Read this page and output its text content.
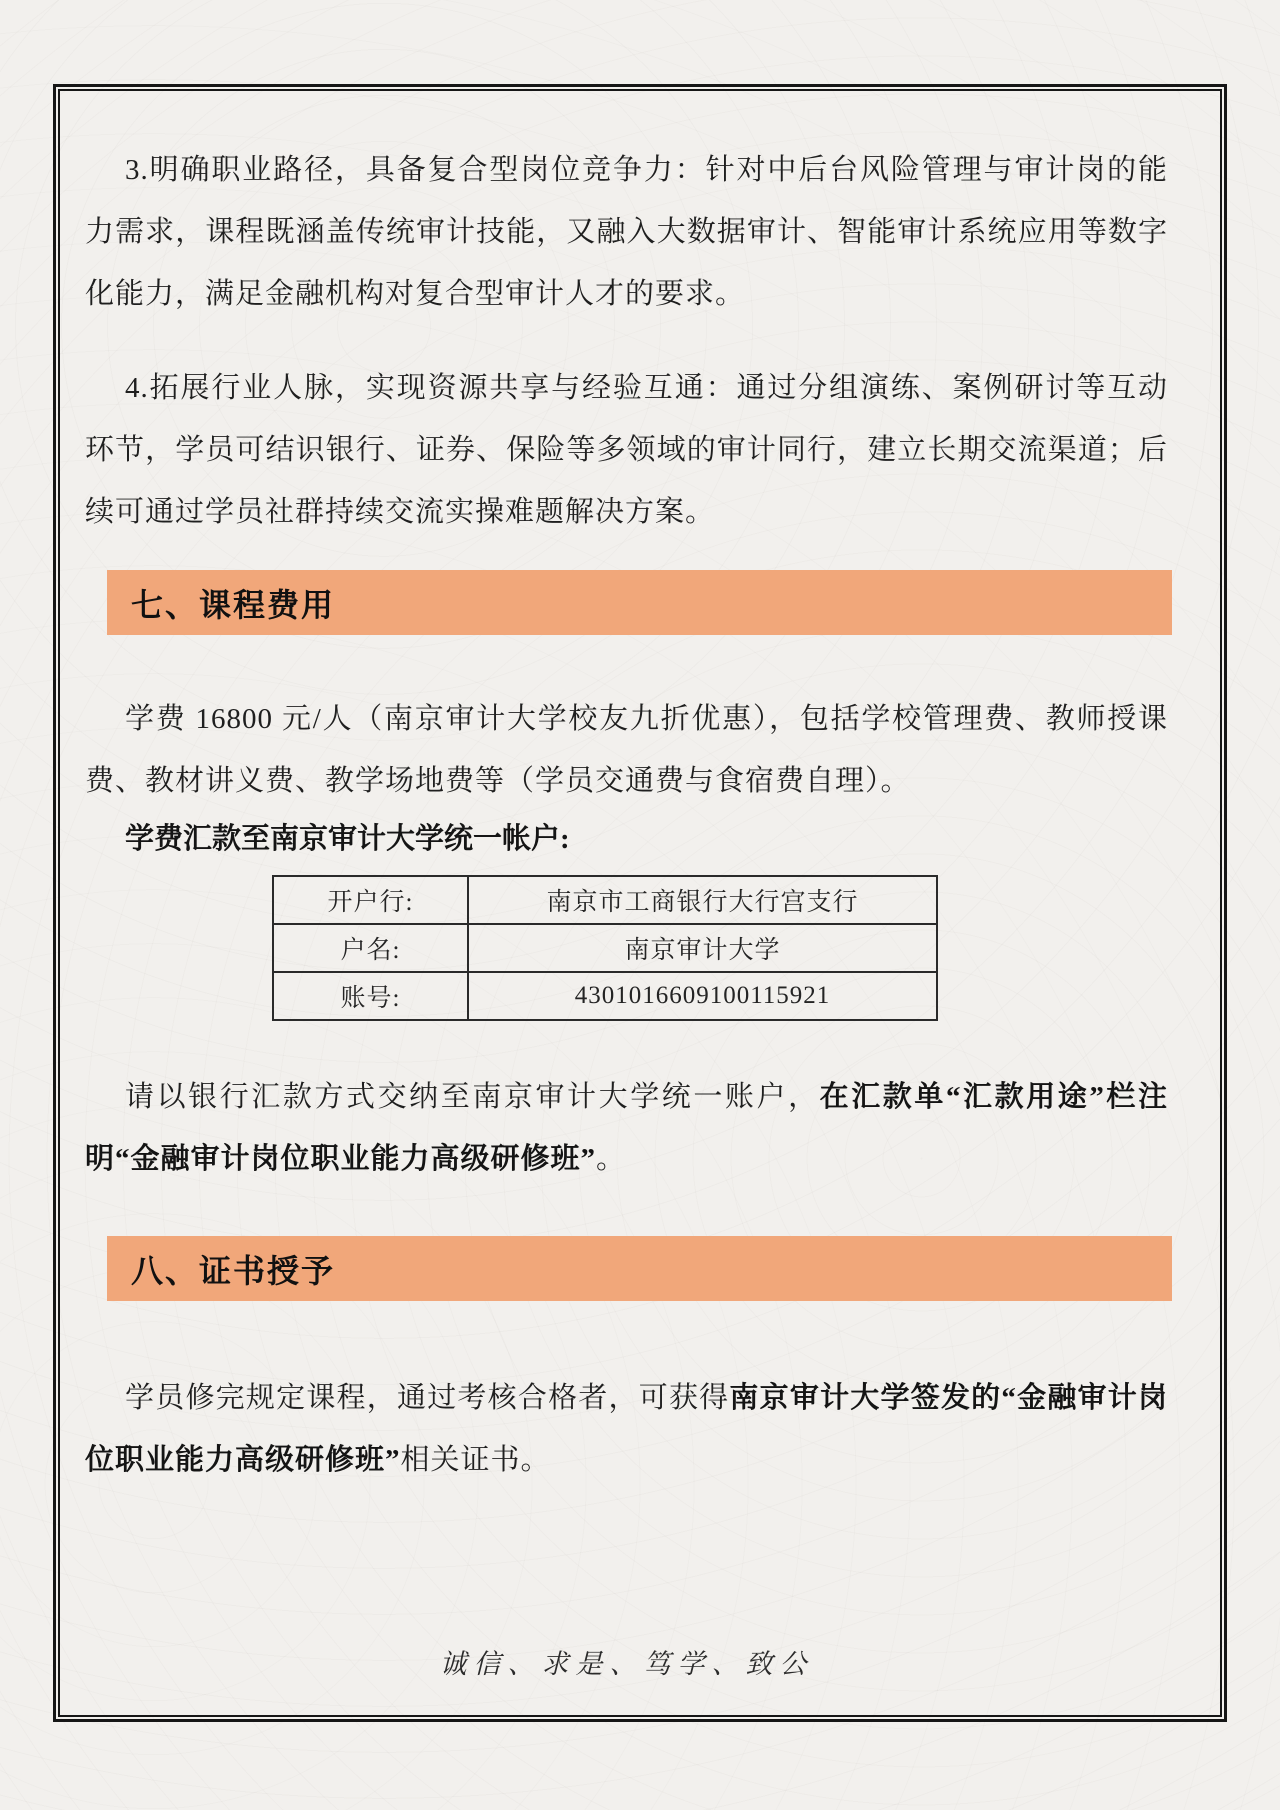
3.明确职业路径，具备复合型岗位竞争力：针对中后台风险管理与审计岗的能力需求，课程既涵盖传统审计技能，又融入大数据审计、智能审计系统应用等数字化能力，满足金融机构对复合型审计人才的要求。

4.拓展行业人脉，实现资源共享与经验互通：通过分组演练、案例研讨等互动环节，学员可结识银行、证券、保险等多领域的审计同行，建立长期交流渠道；后续可通过学员社群持续交流实操难题解决方案。

七、课程费用

学费 16800 元/人（南京审计大学校友九折优惠），包括学校管理费、教师授课费、教材讲义费、教学场地费等（学员交通费与食宿费自理）。

学费汇款至南京审计大学统一帐户:

开户行:	南京市工商银行大行宫支行
户名:	南京审计大学
账号:	4301016609100115921

请以银行汇款方式交纳至南京审计大学统一账户，在汇款单“汇款用途”栏注明“金融审计岗位职业能力高级研修班”。

八、证书授予

学员修完规定课程，通过考核合格者，可获得南京审计大学签发的“金融审计岗位职业能力高级研修班”相关证书。

诚信、求是、笃学、致公
